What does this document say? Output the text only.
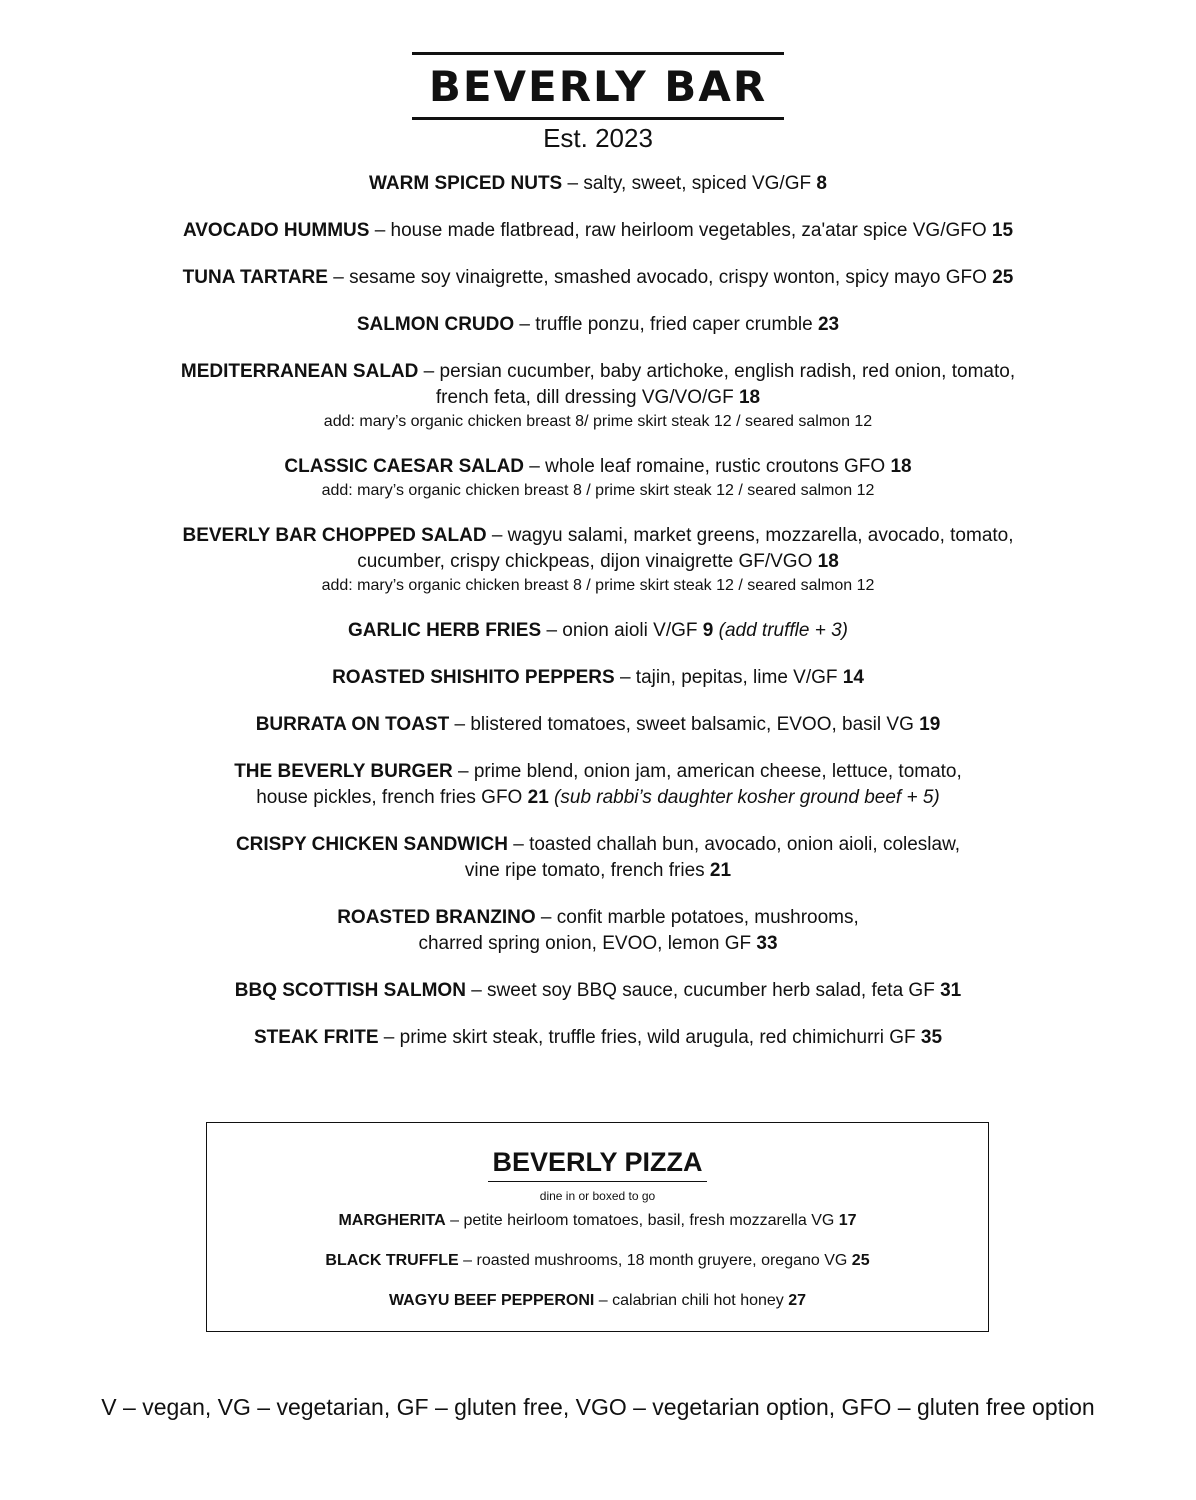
BEVERLY BAR
Est. 2023
WARM SPICED NUTS – salty, sweet, spiced VG/GF 8
AVOCADO HUMMUS – house made flatbread, raw heirloom vegetables, za'atar spice VG/GFO 15
TUNA TARTARE – sesame soy vinaigrette, smashed avocado, crispy wonton, spicy mayo GFO 25
SALMON CRUDO – truffle ponzu, fried caper crumble 23
MEDITERRANEAN SALAD – persian cucumber, baby artichoke, english radish, red onion, tomato,
french feta, dill dressing VG/VO/GF 18
add: mary’s organic chicken breast 8/ prime skirt steak 12 / seared salmon 12
CLASSIC CAESAR SALAD – whole leaf romaine, rustic croutons GFO 18
add: mary’s organic chicken breast 8 / prime skirt steak 12 / seared salmon 12
BEVERLY BAR CHOPPED SALAD – wagyu salami, market greens, mozzarella, avocado, tomato,
cucumber, crispy chickpeas, dijon vinaigrette GF/VGO 18
add: mary’s organic chicken breast 8 / prime skirt steak 12 / seared salmon 12
GARLIC HERB FRIES – onion aioli V/GF 9 (add truffle + 3)
ROASTED SHISHITO PEPPERS – tajin, pepitas, lime V/GF 14
BURRATA ON TOAST – blistered tomatoes, sweet balsamic, EVOO, basil VG 19
THE BEVERLY BURGER – prime blend, onion jam, american cheese, lettuce, tomato,
house pickles, french fries GFO 21 (sub rabbi’s daughter kosher ground beef + 5)
CRISPY CHICKEN SANDWICH – toasted challah bun, avocado, onion aioli, coleslaw,
vine ripe tomato, french fries 21
ROASTED BRANZINO – confit marble potatoes, mushrooms,
charred spring onion, EVOO, lemon GF 33
BBQ SCOTTISH SALMON – sweet soy BBQ sauce, cucumber herb salad, feta GF 31
STEAK FRITE – prime skirt steak, truffle fries, wild arugula, red chimichurri GF 35
BEVERLY PIZZA
dine in or boxed to go
MARGHERITA – petite heirloom tomatoes, basil, fresh mozzarella VG 17
BLACK TRUFFLE – roasted mushrooms, 18 month gruyere, oregano VG 25
WAGYU BEEF PEPPERONI – calabrian chili hot honey 27
V – vegan, VG – vegetarian, GF – gluten free, VGO – vegetarian option, GFO – gluten free option
